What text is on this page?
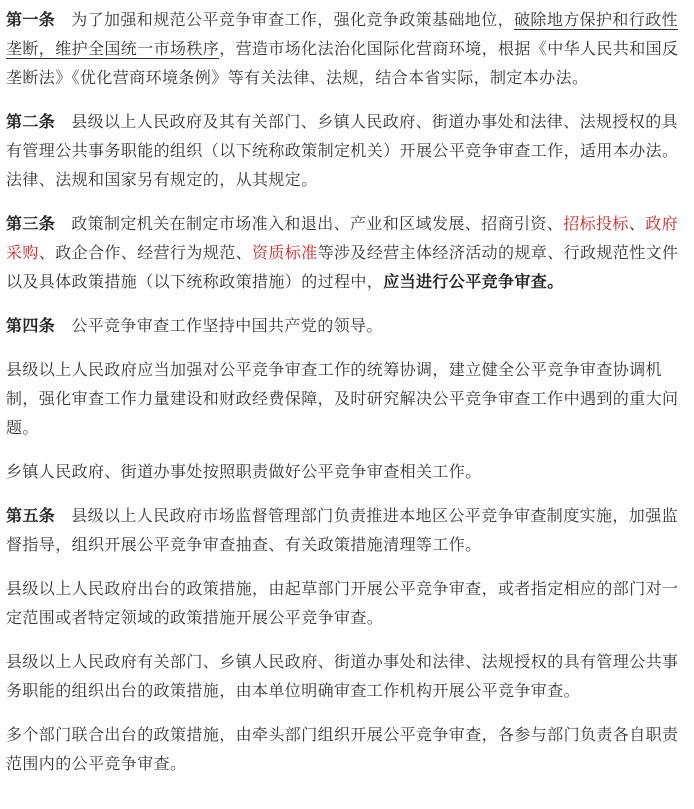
第一条 为了加强和规范公平竞争审查工作，强化竞争政策基础地位，破除地方保护和行政性垄断，维护全国统一市场秩序，营造市场化法治化国际化营商环境，根据《中华人民共和国反垄断法》《优化营商环境条例》等有关法律、法规，结合本省实际，制定本办法。

第二条 县级以上人民政府及其有关部门、乡镇人民政府、街道办事处和法律、法规授权的具有管理公共事务职能的组织（以下统称政策制定机关）开展公平竞争审查工作，适用本办法。法律、法规和国家另有规定的，从其规定。

第三条 政策制定机关在制定市场准入和退出、产业和区域发展、招商引资、招标投标、政府采购、政企合作、经营行为规范、资质标准等涉及经营主体经济活动的规章、行政规范性文件以及具体政策措施（以下统称政策措施）的过程中，应当进行公平竞争审查。

第四条 公平竞争审查工作坚持中国共产党的领导。

县级以上人民政府应当加强对公平竞争审查工作的统筹协调，建立健全公平竞争审查协调机制，强化审查工作力量建设和财政经费保障，及时研究解决公平竞争审查工作中遇到的重大问题。

乡镇人民政府、街道办事处按照职责做好公平竞争审查相关工作。

第五条 县级以上人民政府市场监督管理部门负责推进本地区公平竞争审查制度实施，加强监督指导，组织开展公平竞争审查抽查、有关政策措施清理等工作。

县级以上人民政府出台的政策措施，由起草部门开展公平竞争审查，或者指定相应的部门对一定范围或者特定领域的政策措施开展公平竞争审查。

县级以上人民政府有关部门、乡镇人民政府、街道办事处和法律、法规授权的具有管理公共事务职能的组织出台的政策措施，由本单位明确审查工作机构开展公平竞争审查。

多个部门联合出台的政策措施，由牵头部门组织开展公平竞争审查，各参与部门负责各自职责范围内的公平竞争审查。
